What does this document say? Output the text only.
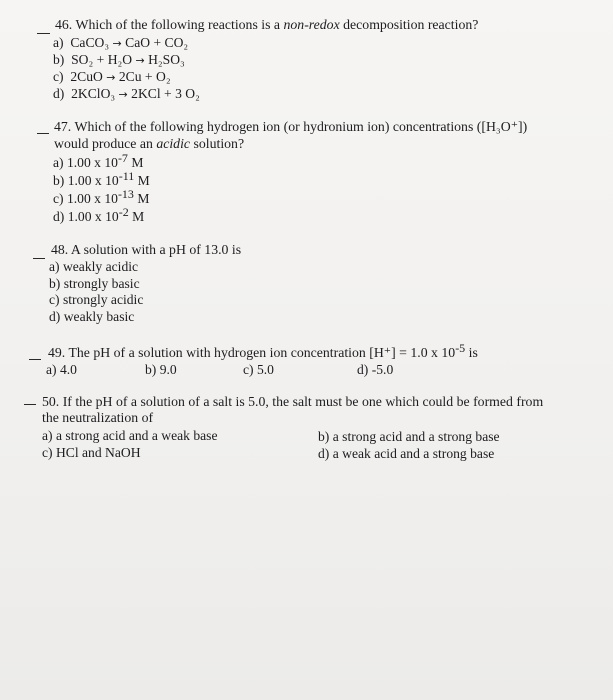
46. Which of the following reactions is a non-redox decomposition reaction?
a) CaCO₃ → CaO + CO₂
b) SO₂ + H₂O → H₂SO₃
c) 2CuO → 2Cu + O₂
d) 2KClO₃ → 2KCl + 3 O₂
47. Which of the following hydrogen ion (or hydronium ion) concentrations ([H₃O⁺])
would produce an acidic solution?
a) 1.00 x 10-7 M
b) 1.00 x 10-11 M
c) 1.00 x 10-13 M
d) 1.00 x 10-2 M
48. A solution with a pH of 13.0 is
a) weakly acidic
b) strongly basic
c) strongly acidic
d) weakly basic
49. The pH of a solution with hydrogen ion concentration [H⁺] = 1.0 x 10-5 is
a) 4.0	b) 9.0	c) 5.0	d) -5.0
50. If the pH of a solution of a salt is 5.0, the salt must be one which could be formed from
the neutralization of
a) a strong acid and a weak base	b) a strong acid and a strong base
c) HCl and NaOH	d) a weak acid and a strong base
